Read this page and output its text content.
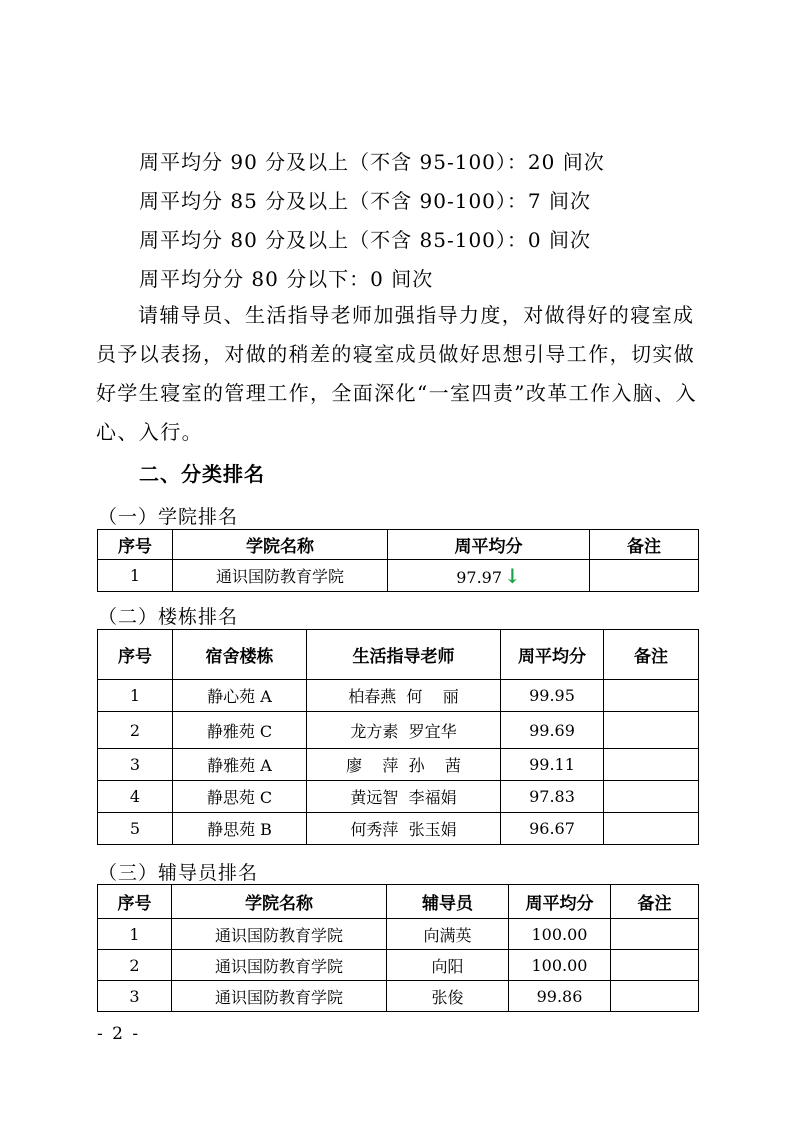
周平均分 90 分及以上（不含 95-100）：20 间次
周平均分 85 分及以上（不含 90-100）：7 间次
周平均分 80 分及以上（不含 85-100）：0 间次
周平均分分 80 分以下：0 间次

请辅导员、生活指导老师加强指导力度，对做得好的寝室成员予以表扬，对做的稍差的寝室成员做好思想引导工作，切实做好学生寝室的管理工作，全面深化“一室四责”改革工作入脑、入心、入行。

二、分类排名
（一）学院排名
序号	学院名称	周平均分	备注
1	通识国防教育学院	97.97 ↓	
（二）楼栋排名
序号	宿舍楼栋	生活指导老师	周平均分	备注
1	静心苑 A	柏春燕  何    丽	99.95	
2	静雅苑 C	龙方素  罗宜华	99.69	
3	静雅苑 A	廖    萍  孙    茜	99.11	
4	静思苑 C	黄远智  李福娟	97.83	
5	静思苑 B	何秀萍  张玉娟	96.67	
（三）辅导员排名
序号	学院名称	辅导员	周平均分	备注
1	通识国防教育学院	向满英	100.00	
2	通识国防教育学院	向阳	100.00	
3	通识国防教育学院	张俊	99.86	
- 2 -
